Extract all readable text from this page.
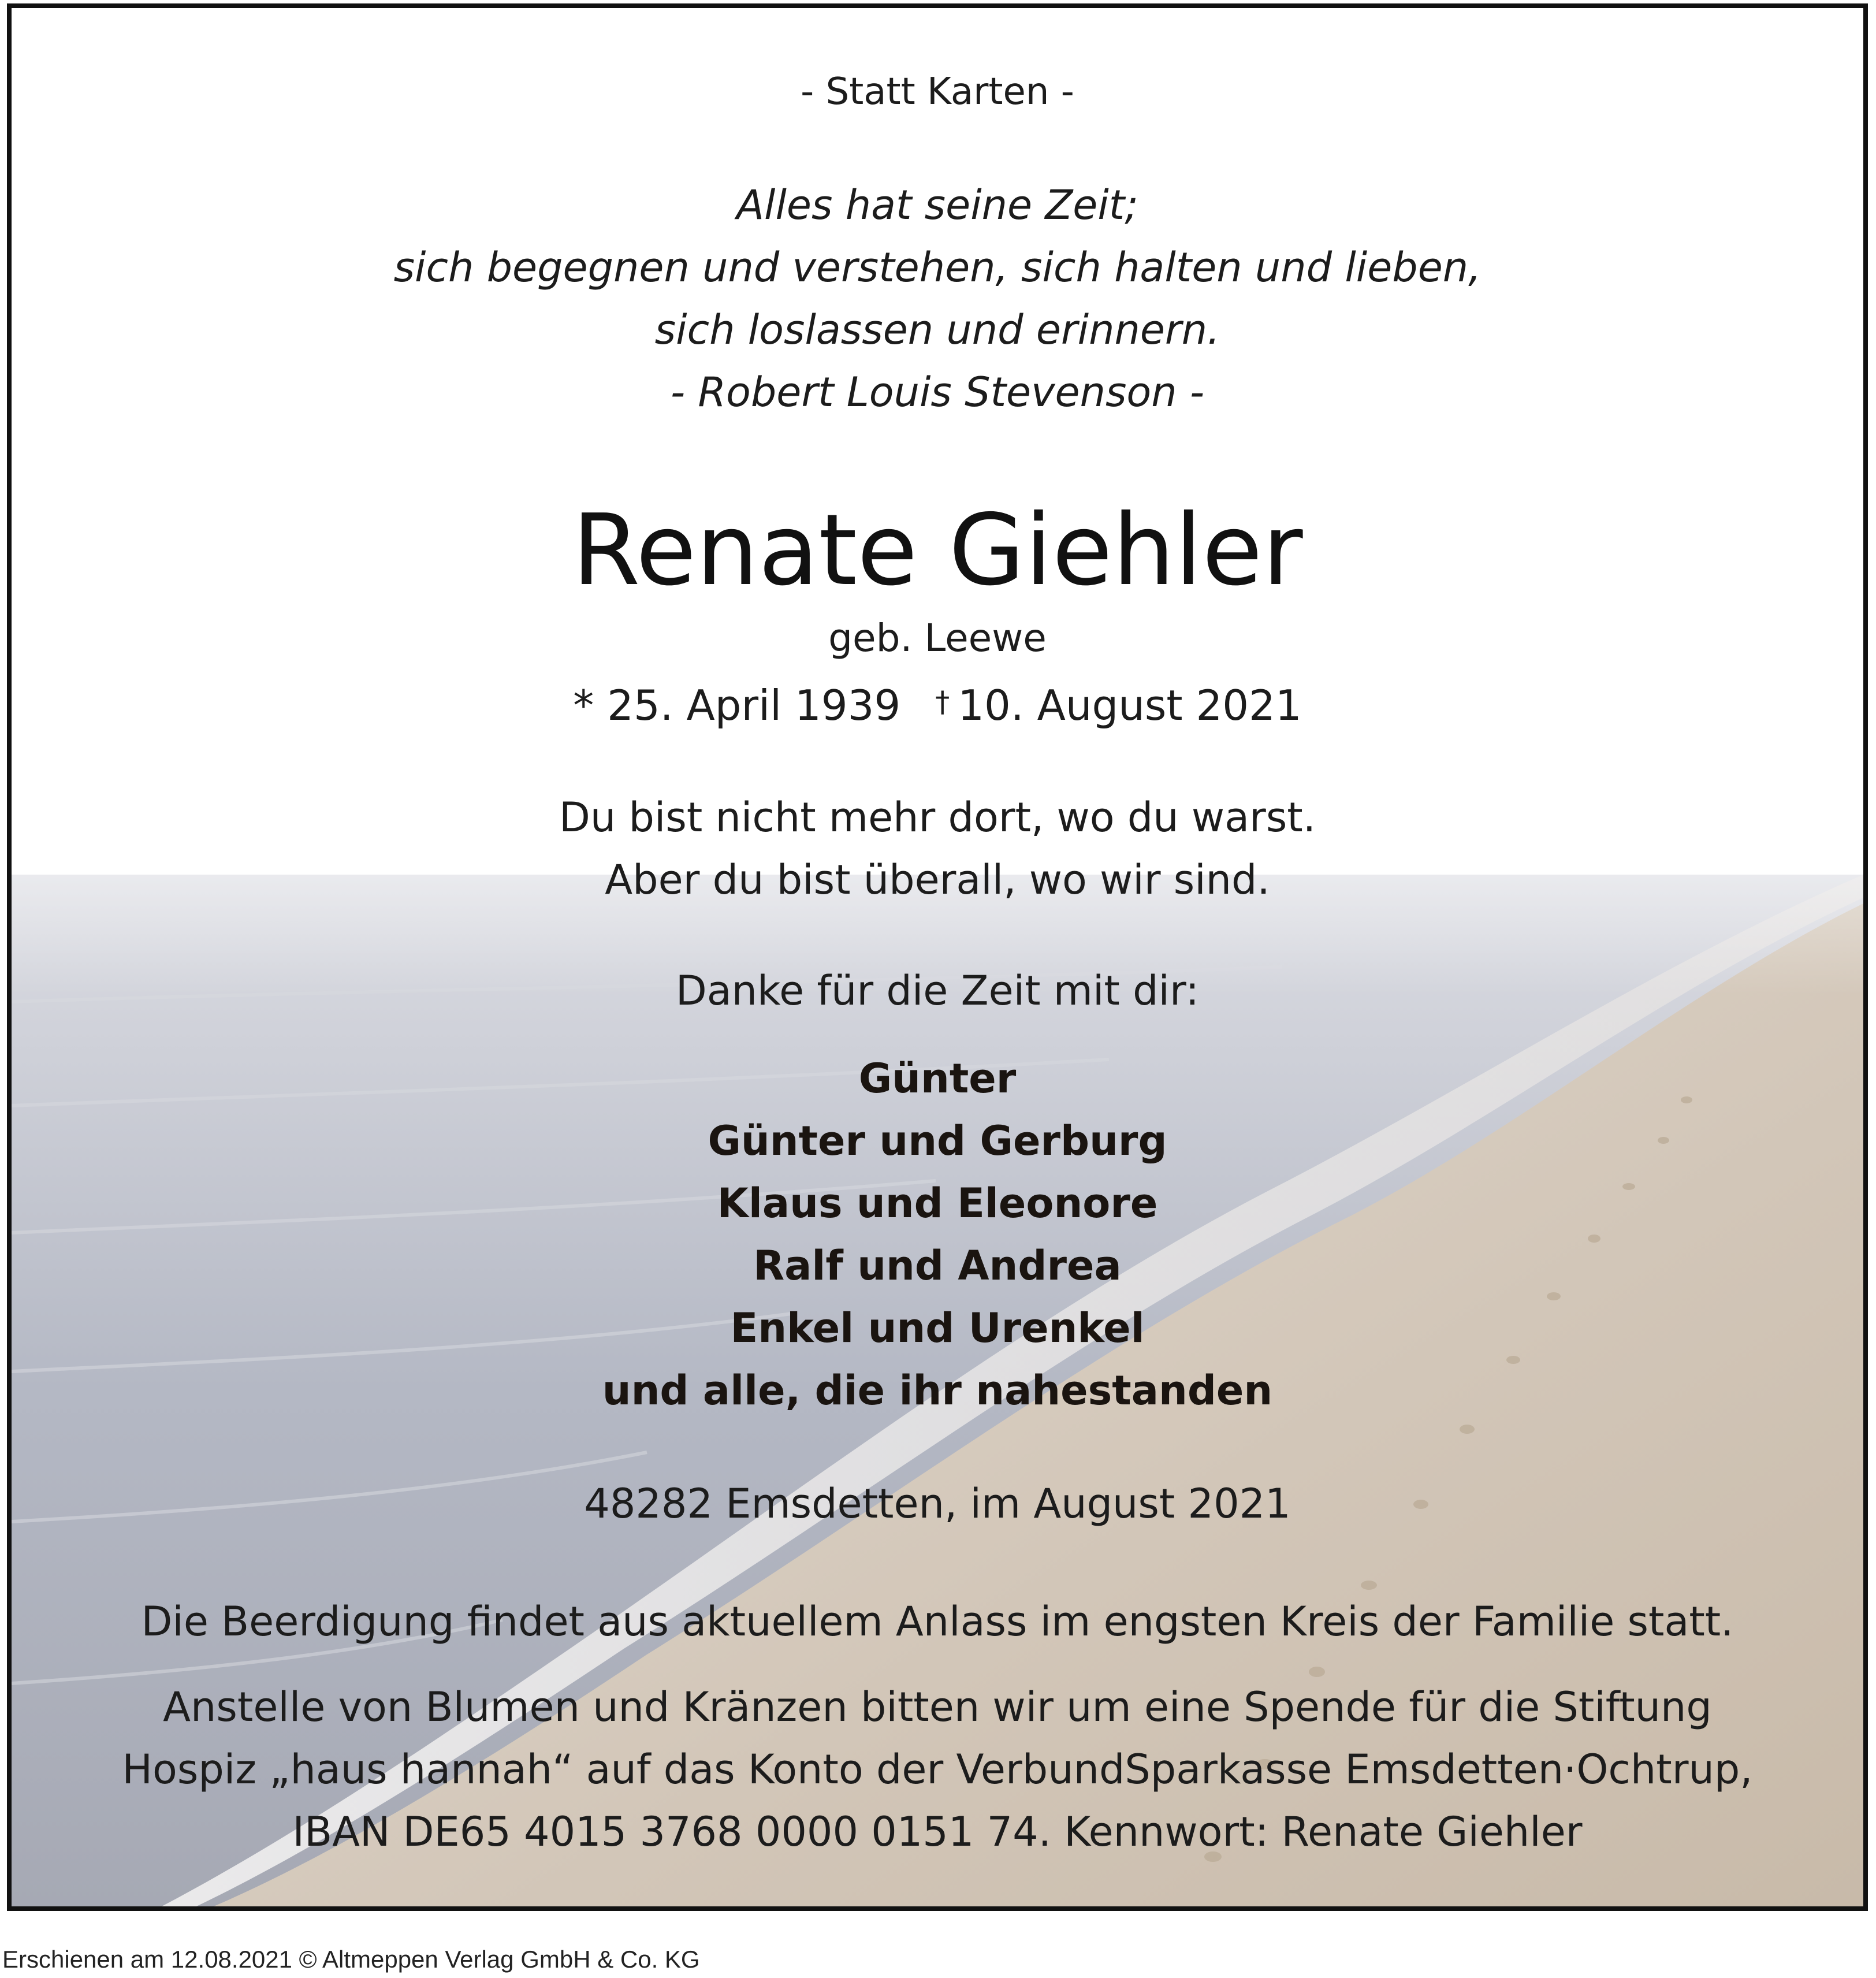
- Statt Karten -
Alles hat seine Zeit;
sich begegnen und verstehen, sich halten und lieben,
sich loslassen und erinnern.
- Robert Louis Stevenson -
Renate Giehler
geb. Leewe
* 25. April 1939 † 10. August 2021
Du bist nicht mehr dort, wo du warst.
Aber du bist überall, wo wir sind.
Danke für die Zeit mit dir:
Günter
Günter und Gerburg
Klaus und Eleonore
Ralf und Andrea
Enkel und Urenkel
und alle, die ihr nahestanden
48282 Emsdetten, im August 2021
Die Beerdigung findet aus aktuellem Anlass im engsten Kreis der Familie statt.
Anstelle von Blumen und Kränzen bitten wir um eine Spende für die Stiftung
Hospiz „haus hannah“ auf das Konto der VerbundSparkasse Emsdetten·Ochtrup,
IBAN DE65 4015 3768 0000 0151 74. Kennwort: Renate Giehler
Erschienen am 12.08.2021 © Altmeppen Verlag GmbH & Co. KG
